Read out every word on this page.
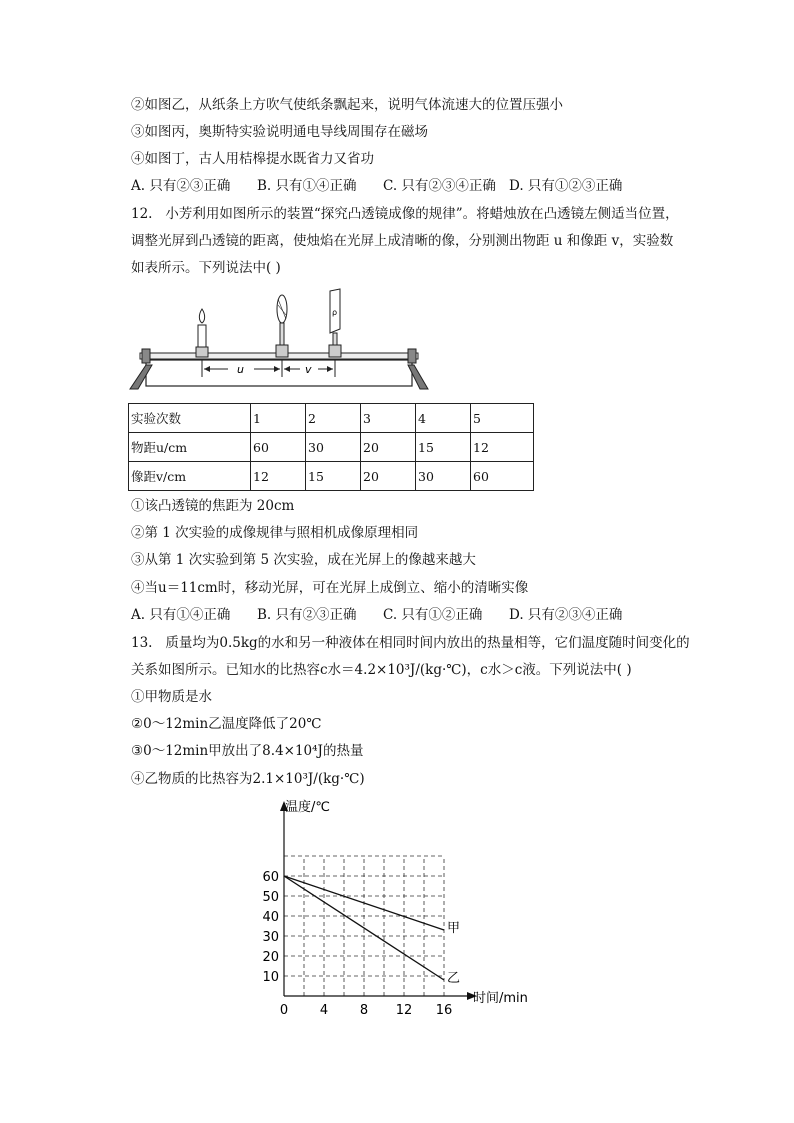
②如图乙，从纸条上方吹气使纸条飘起来，说明气体流速大的位置压强小
③如图丙，奥斯特实验说明通电导线周围存在磁场
④如图丁，古人用桔槔提水既省力又省功
A. 只有②③正确 B. 只有①④正确 C. 只有②③④正确 D. 只有①②③正确
12. 小芳利用如图所示的装置“探究凸透镜成像的规律”。将蜡烛放在凸透镜左侧适当位置，
调整光屏到凸透镜的距离，使烛焰在光屏上成清晰的像，分别测出物距 u 和像距 v，实验数
如表所示。下列说法中( )
ρ
u	v
实验次数	1	2	3	4	5
物距u/cm	60	30	20	15	12
像距v/cm	12	15	20	30	60
①该凸透镜的焦距为 20cm
②第 1 次实验的成像规律与照相机成像原理相同
③从第 1 次实验到第 5 次实验，成在光屏上的像越来越大
④当u＝11cm时，移动光屏，可在光屏上成倒立、缩小的清晰实像
A. 只有①④正确 B. 只有②③正确 C. 只有①②正确 D. 只有②③④正确
13. 质量均为0.5kg的水和另一种液体在相同时间内放出的热量相等，它们温度随时间变化的
关系如图所示。已知水的比热容c水＝4.2×10³J/(kg·℃)，c水＞c液。下列说法中( )
①甲物质是水
②0～12min乙温度降低了20℃
③0～12min甲放出了8.4×10⁴J的热量
④乙物质的比热容为2.1×10³J/(kg·℃)
0 4 8 12 16
10
20
30
40
50
60
甲
乙
温度/℃
时间/min
